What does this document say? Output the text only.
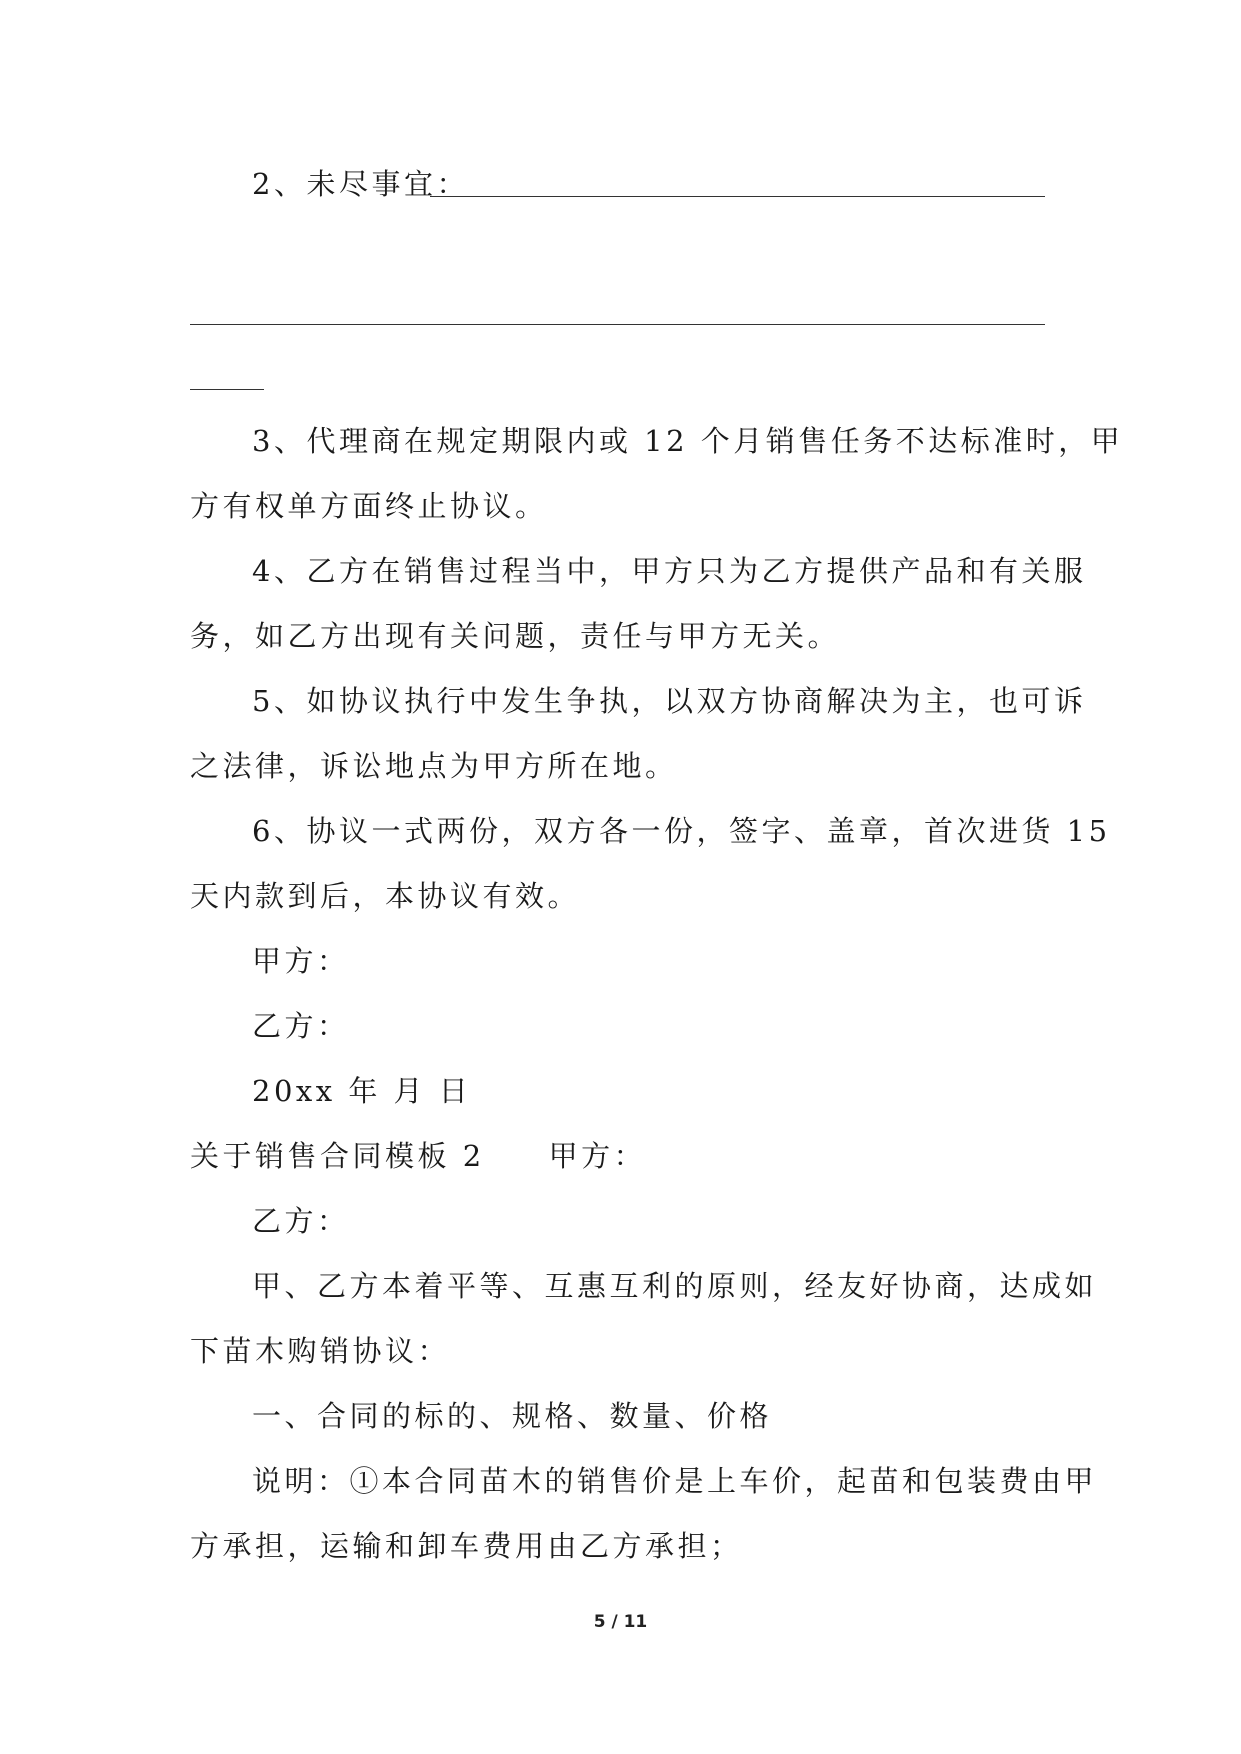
2、未尽事宜：
3、代理商在规定期限内或 12 个月销售任务不达标准时，甲
方有权单方面终止协议。
4、乙方在销售过程当中，甲方只为乙方提供产品和有关服
务，如乙方出现有关问题，责任与甲方无关。
5、如协议执行中发生争执，以双方协商解决为主，也可诉
之法律，诉讼地点为甲方所在地。
6、协议一式两份，双方各一份，签字、盖章，首次进货 15
天内款到后，本协议有效。
甲方：
乙方：
20xx 年 月 日
关于销售合同模板 2 甲方：
乙方：
甲、乙方本着平等、互惠互利的原则，经友好协商，达成如
下苗木购销协议：
一、合同的标的、规格、数量、价格
说明：①本合同苗木的销售价是上车价，起苗和包装费由甲
方承担，运输和卸车费用由乙方承担；
5 / 11
